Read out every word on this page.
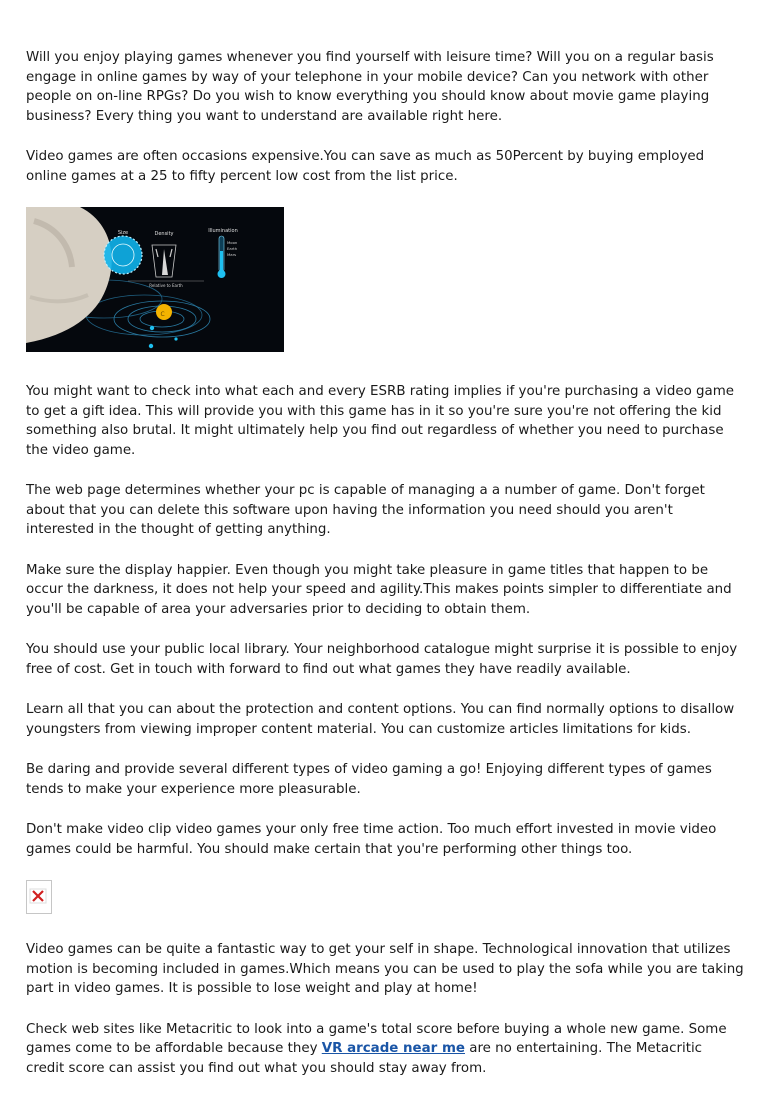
Will you enjoy playing games whenever you find yourself with leisure time? Will you on a regular basis engage in online games by way of your telephone in your mobile device? Can you network with other people on on-line RPGs? Do you wish to know everything you should know about movie game playing business? Every thing you want to understand are available right here.

Video games are often occasions expensive.You can save as much as 50Percent by buying employed online games at a 25 to fifty percent low cost from the list price.

Size	Density	Illumination
Moon
Earth
Mars
Relative to Earth
C

You might want to check into what each and every ESRB rating implies if you're purchasing a video game to get a gift idea. This will provide you with this game has in it so you're sure you're not offering the kid something also brutal. It might ultimately help you find out regardless of whether you need to purchase the video game.

The web page determines whether your pc is capable of managing a a number of game. Don't forget about that you can delete this software upon having the information you need should you aren't interested in the thought of getting anything.

Make sure the display happier. Even though you might take pleasure in game titles that happen to be occur the darkness, it does not help your speed and agility.This makes points simpler to differentiate and you'll be capable of area your adversaries prior to deciding to obtain them.

You should use your public local library. Your neighborhood catalogue might surprise it is possible to enjoy free of cost. Get in touch with forward to find out what games they have readily available.

Learn all that you can about the protection and content options. You can find normally options to disallow youngsters from viewing improper content material. You can customize articles limitations for kids.

Be daring and provide several different types of video gaming a go! Enjoying different types of games tends to make your experience more pleasurable.

Don't make video clip video games your only free time action. Too much effort invested in movie video games could be harmful. You should make certain that you're performing other things too.

Video games can be quite a fantastic way to get your self in shape. Technological innovation that utilizes motion is becoming included in games.Which means you can be used to play the sofa while you are taking part in video games. It is possible to lose weight and play at home!

Check web sites like Metacritic to look into a game's total score before buying a whole new game. Some games come to be affordable because they VR arcade near me are no entertaining. The Metacritic credit score can assist you find out what you should stay away from.
